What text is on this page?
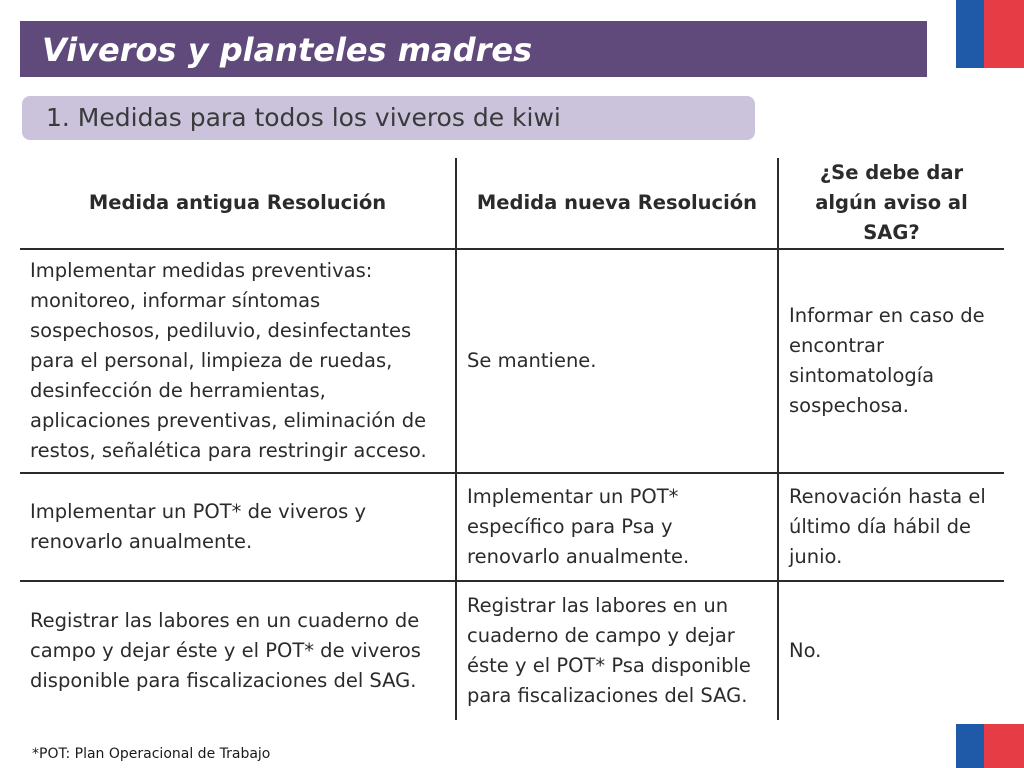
Viveros y planteles madres
1. Medidas para todos los viveros de kiwi
Medida antigua Resolución	Medida nueva Resolución	¿Se debe dar algún aviso al SAG?
Implementar medidas preventivas: monitoreo, informar síntomas sospechosos, pediluvio, desinfectantes para el personal, limpieza de ruedas, desinfección de herramientas, aplicaciones preventivas, eliminación de restos, señalética para restringir acceso.	Se mantiene.	Informar en caso de encontrar sintomatología sospechosa.
Implementar un POT* de viveros y renovarlo anualmente.	Implementar un POT* específico para Psa y renovarlo anualmente.	Renovación hasta el último día hábil de junio.
Registrar las labores en un cuaderno de campo y dejar éste y el POT* de viveros disponible para fiscalizaciones del SAG.	Registrar las labores en un cuaderno de campo y dejar éste y el POT* Psa disponible para fiscalizaciones del SAG.	No.
*POT: Plan Operacional de Trabajo
